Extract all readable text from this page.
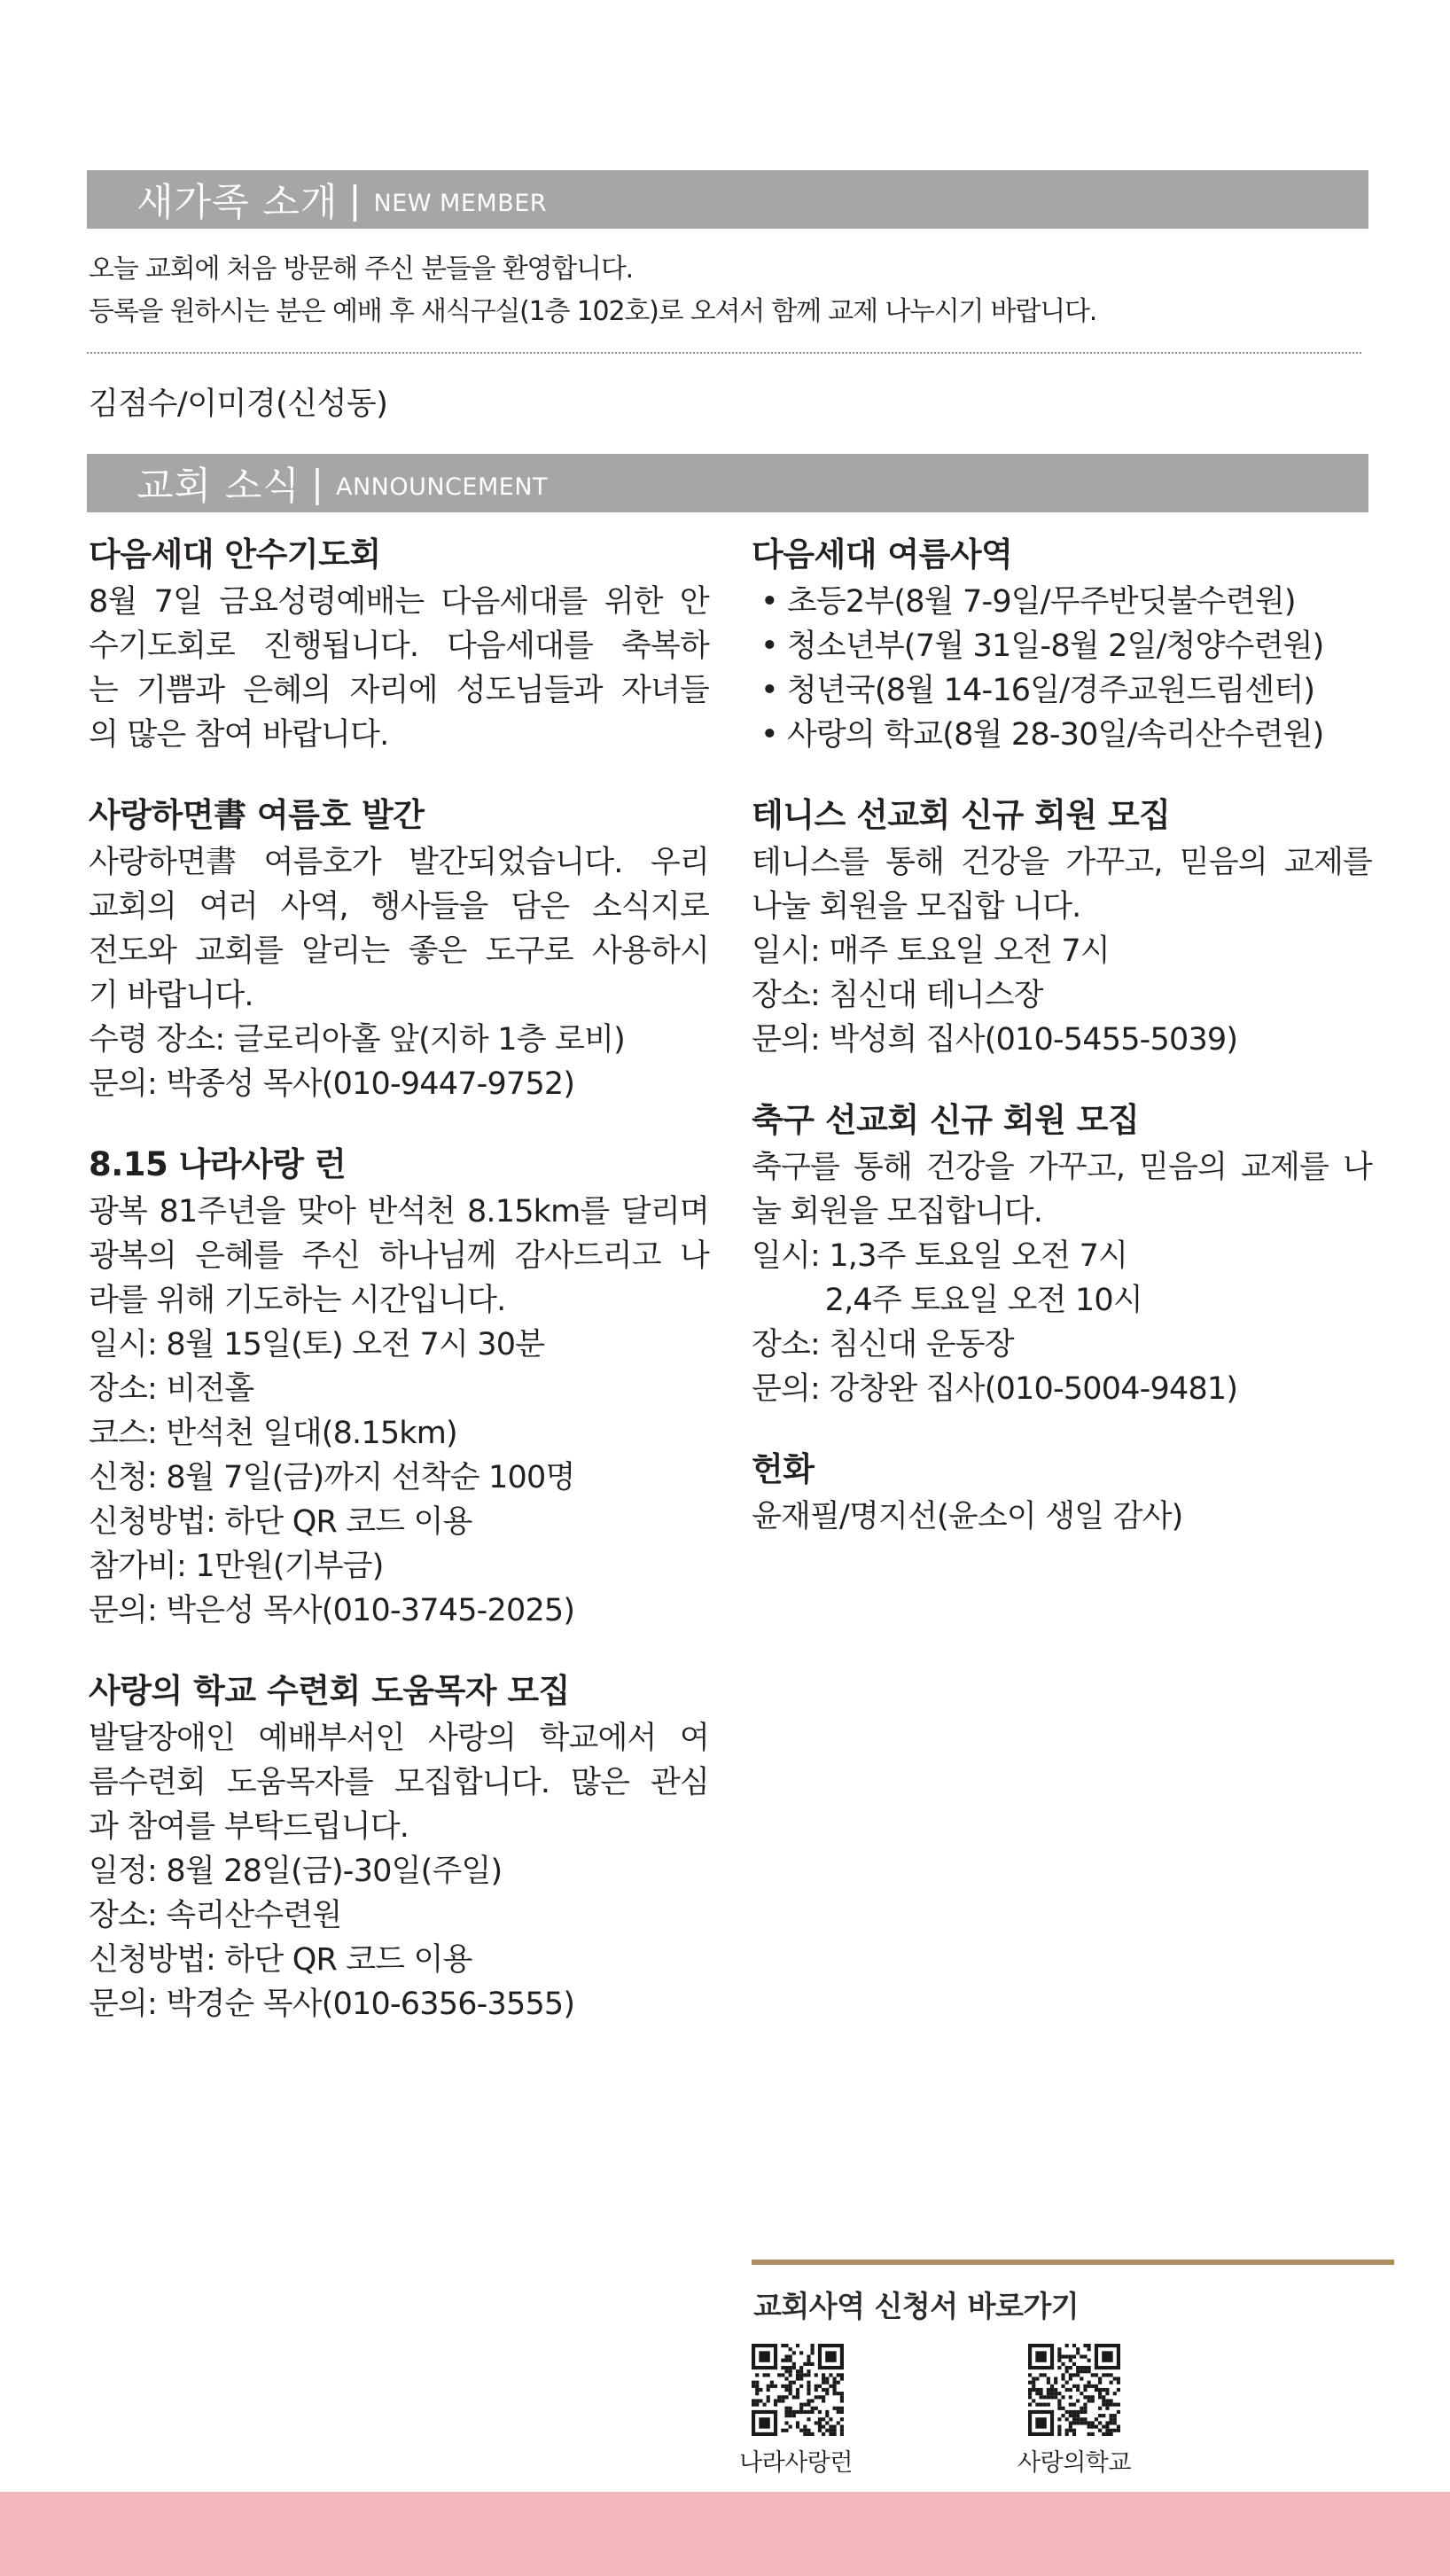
새가족 소개 | NEW MEMBER
오늘 교회에 처음 방문해 주신 분들을 환영합니다.
등록을 원하시는 분은 예배 후 새식구실(1층 102호)로 오셔서 함께 교제 나누시기 바랍니다.
김점수/이미경(신성동)
교회 소식 | ANNOUNCEMENT
다음세대 안수기도회
8월 7일 금요성령예배는 다음세대를 위한 안
수기도회로 진행됩니다. 다음세대를 축복하
는 기쁨과 은혜의 자리에 성도님들과 자녀들
의 많은 참여 바랍니다.
사랑하면書 여름호 발간
사랑하면書 여름호가 발간되었습니다. 우리
교회의 여러 사역, 행사들을 담은 소식지로
전도와 교회를 알리는 좋은 도구로 사용하시
기 바랍니다.
수령 장소: 글로리아홀 앞(지하 1층 로비)
문의: 박종성 목사(010-9447-9752)
8.15 나라사랑 런
광복 81주년을 맞아 반석천 8.15km를 달리며
광복의 은혜를 주신 하나님께 감사드리고 나
라를 위해 기도하는 시간입니다.
일시: 8월 15일(토) 오전 7시 30분
장소: 비전홀
코스: 반석천 일대(8.15km)
신청: 8월 7일(금)까지 선착순 100명
신청방법: 하단 QR 코드 이용
참가비: 1만원(기부금)
문의: 박은성 목사(010-3745-2025)
사랑의 학교 수련회 도움목자 모집
발달장애인 예배부서인 사랑의 학교에서 여
름수련회 도움목자를 모집합니다. 많은 관심
과 참여를 부탁드립니다.
일정: 8월 28일(금)-30일(주일)
장소: 속리산수련원
신청방법: 하단 QR 코드 이용
문의: 박경순 목사(010-6356-3555)
다음세대 여름사역
• 초등2부(8월 7-9일/무주반딧불수련원)
• 청소년부(7월 31일-8월 2일/청양수련원)
• 청년국(8월 14-16일/경주교원드림센터)
• 사랑의 학교(8월 28-30일/속리산수련원)
테니스 선교회 신규 회원 모집
테니스를 통해 건강을 가꾸고, 믿음의 교제를
나눌 회원을 모집합 니다.
일시: 매주 토요일 오전 7시
장소: 침신대 테니스장
문의: 박성희 집사(010-5455-5039)
축구 선교회 신규 회원 모집
축구를 통해 건강을 가꾸고, 믿음의 교제를 나
눌 회원을 모집합니다.
일시: 1,3주 토요일 오전 7시
2,4주 토요일 오전 10시
장소: 침신대 운동장
문의: 강창완 집사(010-5004-9481)
헌화
윤재필/명지선(윤소이 생일 감사)
교회사역 신청서 바로가기
나라사랑런	사랑의학교
